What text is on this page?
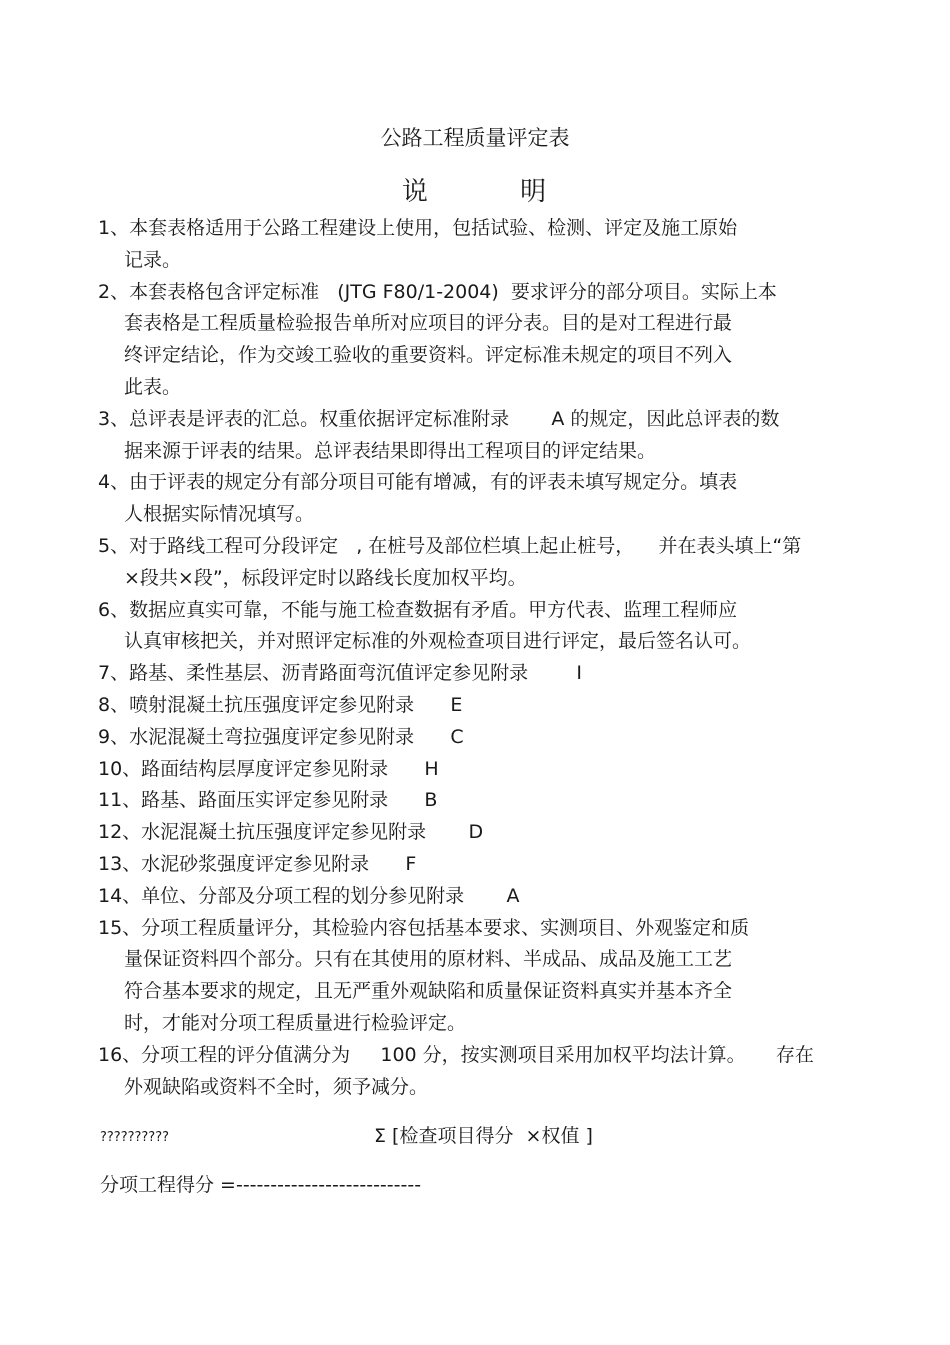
公路工程质量评定表
说 明
1、本套表格适用于公路工程建设上使用，包括试验、检测、评定及施工原始
记录。
2、本套表格包含评定标准   (JTG F80/1-2004)  要求评分的部分项目。实际上本
套表格是工程质量检验报告单所对应项目的评分表。目的是对工程进行最
终评定结论，作为交竣工验收的重要资料。评定标准未规定的项目不列入
此表。
3、总评表是评表的汇总。权重依据评定标准附录       A 的规定，因此总评表的数
据来源于评表的结果。总评表结果即得出工程项目的评定结果。
4、由于评表的规定分有部分项目可能有增减，有的评表未填写规定分。填表
人根据实际情况填写。
5、对于路线工程可分段评定   , 在桩号及部位栏填上起止桩号，    并在表头填上“第
×段共×段”，标段评定时以路线长度加权平均。
6、数据应真实可靠，不能与施工检查数据有矛盾。甲方代表、监理工程师应
认真审核把关，并对照评定标准的外观检查项目进行评定，最后签名认可。
7、路基、柔性基层、沥青路面弯沉值评定参见附录        I
8、喷射混凝土抗压强度评定参见附录      E
9、水泥混凝土弯拉强度评定参见附录      C
10、路面结构层厚度评定参见附录      H
11、路基、路面压实评定参见附录      B
12、水泥混凝土抗压强度评定参见附录       D
13、水泥砂浆强度评定参见附录      F
14、单位、分部及分项工程的划分参见附录       A
15、分项工程质量评分，其检验内容包括基本要求、实测项目、外观鉴定和质
量保证资料四个部分。只有在其使用的原材料、半成品、成品及施工工艺
符合基本要求的规定，且无严重外观缺陷和质量保证资料真实并基本齐全
时，才能对分项工程质量进行检验评定。
16、分项工程的评分值满分为     100 分，按实测项目采用加权平均法计算。     存在
外观缺陷或资料不全时，须予减分。

??????????

	Σ [检查项目得分  ×权值 ]

分项工程得分 =---------------------------
